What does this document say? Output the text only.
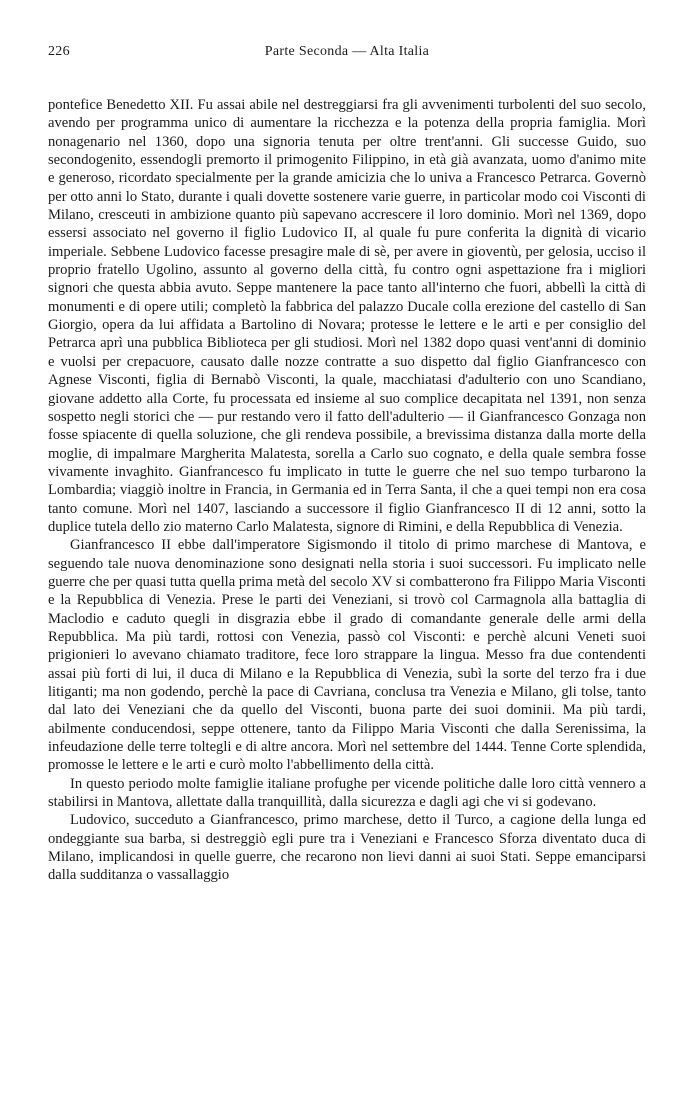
226	Parte Seconda — Alta Italia

pontefice Benedetto XII. Fu assai abile nel destreggiarsi fra gli avvenimenti turbolenti del suo secolo, avendo per programma unico di aumentare la ricchezza e la potenza della propria famiglia. Morì nonagenario nel 1360, dopo una signoria tenuta per oltre trent'anni. Gli successe Guido, suo secondogenito, essendogli premorto il primogenito Filippino, in età già avanzata, uomo d'animo mite e generoso, ricordato specialmente per la grande amicizia che lo univa a Francesco Petrarca. Governò per otto anni lo Stato, durante i quali dovette sostenere varie guerre, in particolar modo coi Visconti di Milano, cresceuti in ambizione quanto più sapevano accrescere il loro dominio. Morì nel 1369, dopo essersi associato nel governo il figlio Ludovico II, al quale fu pure conferita la dignità di vicario imperiale. Sebbene Ludovico facesse presagire male di sè, per avere in gioventù, per gelosia, ucciso il proprio fratello Ugolino, assunto al governo della città, fu contro ogni aspettazione fra i migliori signori che questa abbia avuto. Seppe mantenere la pace tanto all'interno che fuori, abbellì la città di monumenti e di opere utili; completò la fabbrica del palazzo Ducale colla erezione del castello di San Giorgio, opera da lui affidata a Bartolino di Novara; protesse le lettere e le arti e per consiglio del Petrarca aprì una pubblica Biblioteca per gli studiosi. Morì nel 1382 dopo quasi vent'anni di dominio e vuolsi per crepacuore, causato dalle nozze contratte a suo dispetto dal figlio Gianfrancesco con Agnese Visconti, figlia di Bernabò Visconti, la quale, macchiatasi d'adulterio con uno Scandiano, giovane addetto alla Corte, fu processata ed insieme al suo complice decapitata nel 1391, non senza sospetto negli storici che — pur restando vero il fatto dell'adulterio — il Gianfrancesco Gonzaga non fosse spiacente di quella soluzione, che gli rendeva possibile, a brevissima distanza dalla morte della moglie, di impalmare Margherita Malatesta, sorella a Carlo suo cognato, e della quale sembra fosse vivamente invaghito. Gianfrancesco fu implicato in tutte le guerre che nel suo tempo turbarono la Lombardia; viaggiò inoltre in Francia, in Germania ed in Terra Santa, il che a quei tempi non era cosa tanto comune. Morì nel 1407, lasciando a successore il figlio Gianfrancesco II di 12 anni, sotto la duplice tutela dello zio materno Carlo Malatesta, signore di Rimini, e della Repubblica di Venezia.

Gianfrancesco II ebbe dall'imperatore Sigismondo il titolo di primo marchese di Mantova, e seguendo tale nuova denominazione sono designati nella storia i suoi successori. Fu implicato nelle guerre che per quasi tutta quella prima metà del secolo XV si combatterono fra Filippo Maria Visconti e la Repubblica di Venezia. Prese le parti dei Veneziani, si trovò col Carmagnola alla battaglia di Maclodio e caduto quegli in disgrazia ebbe il grado di comandante generale delle armi della Repubblica. Ma più tardi, rottosi con Venezia, passò col Visconti: e perchè alcuni Veneti suoi prigionieri lo avevano chiamato traditore, fece loro strappare la lingua. Messo fra due contendenti assai più forti di lui, il duca di Milano e la Repubblica di Venezia, subì la sorte del terzo fra i due litiganti; ma non godendo, perchè la pace di Cavriana, conclusa tra Venezia e Milano, gli tolse, tanto dal lato dei Veneziani che da quello del Visconti, buona parte dei suoi dominii. Ma più tardi, abilmente conducendosi, seppe ottenere, tanto da Filippo Maria Visconti che dalla Serenissima, la infeudazione delle terre toltegli e di altre ancora. Morì nel settembre del 1444. Tenne Corte splendida, promosse le lettere e le arti e curò molto l'abbellimento della città.

In questo periodo molte famiglie italiane profughe per vicende politiche dalle loro città vennero a stabilirsi in Mantova, allettate dalla tranquillità, dalla sicurezza e dagli agi che vi si godevano.

Ludovico, succeduto a Gianfrancesco, primo marchese, detto il Turco, a cagione della lunga ed ondeggiante sua barba, si destreggiò egli pure tra i Veneziani e Francesco Sforza diventato duca di Milano, implicandosi in quelle guerre, che recarono non lievi danni ai suoi Stati. Seppe emanciparsi dalla sudditanza o vassallaggio
